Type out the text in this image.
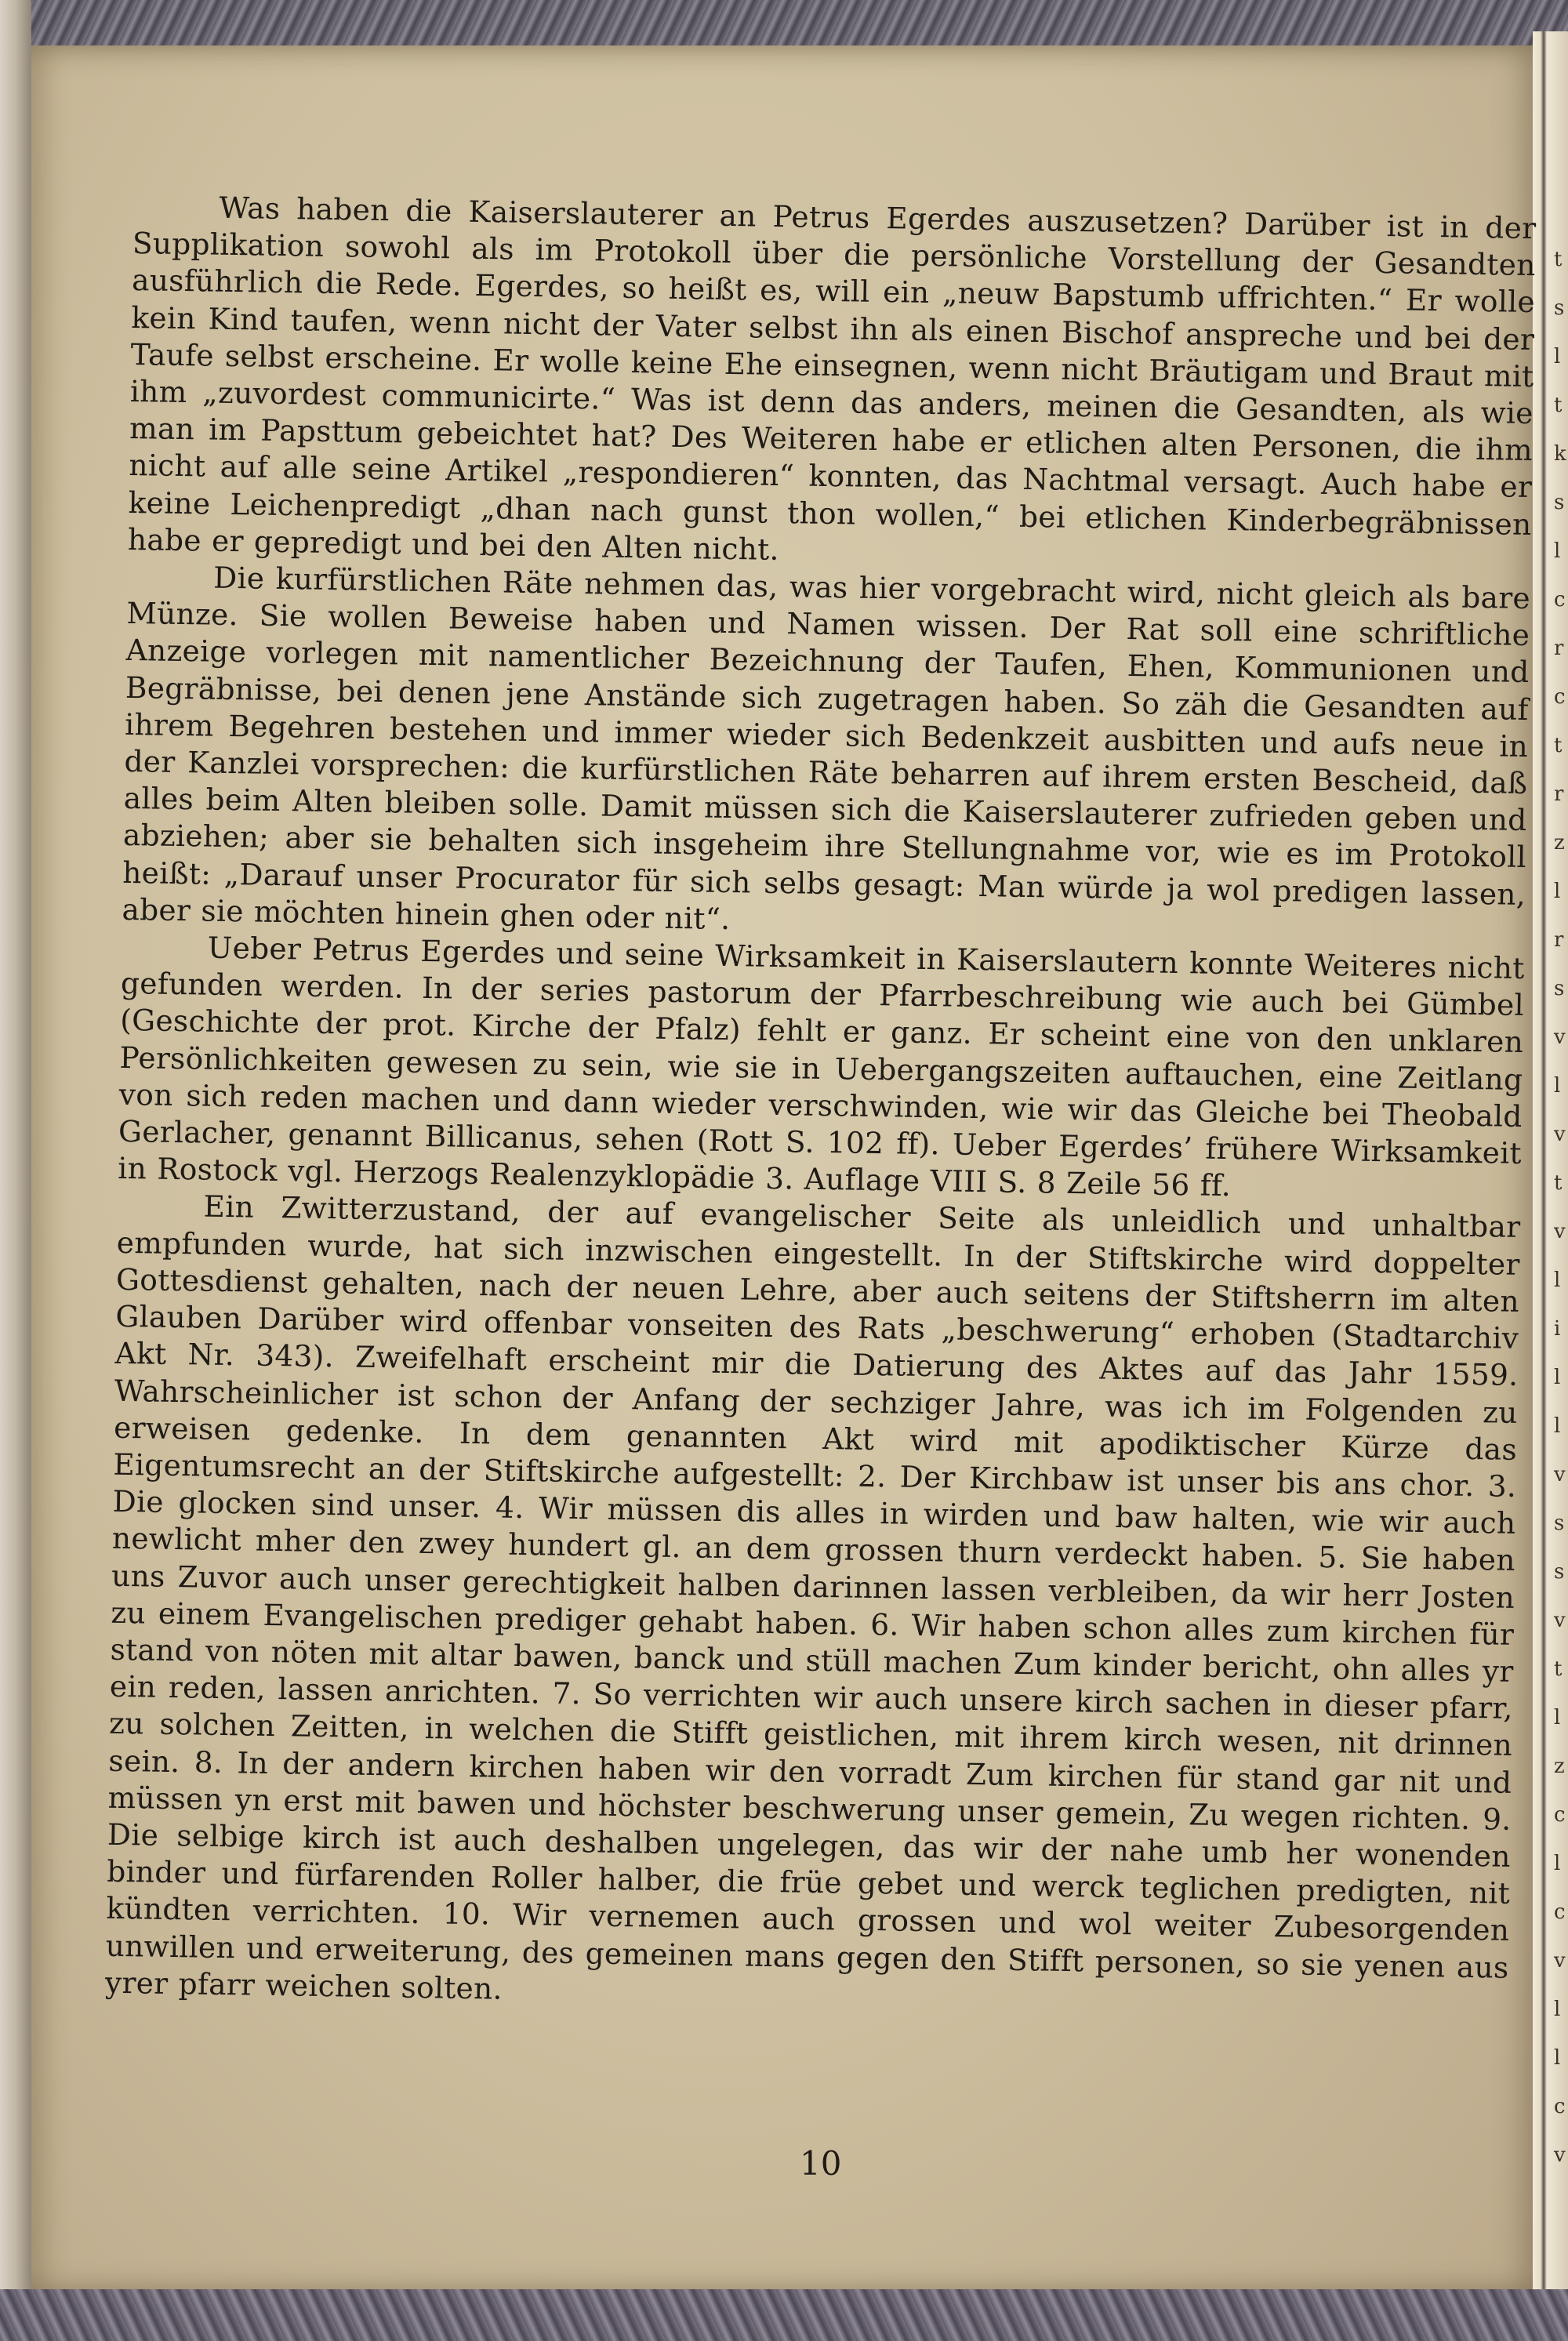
t
s
l
t
k
s
l
c
r
c
t
r
z
l
r
s
v
l
v
t
v
l
i
l
l
v
s
s
v
t
l
z
c
l
c
v
l
l
c
v

Was haben die Kaiserslauterer an Petrus Egerdes auszusetzen? Darüber ist in der Supplikation sowohl als im Protokoll über die persönliche Vorstellung der Gesandten ausführlich die Rede. Egerdes, so heißt es, will ein „neuw Bapstumb uffrichten.“ Er wolle kein Kind taufen, wenn nicht der Vater selbst ihn als einen Bischof anspreche und bei der Taufe selbst erscheine. Er wolle keine Ehe einsegnen, wenn nicht Bräutigam und Braut mit ihm „zuvordest communicirte.“ Was ist denn das anders, meinen die Gesandten, als wie man im Papsttum gebeichtet hat? Des Weiteren habe er etlichen alten Personen, die ihm nicht auf alle seine Artikel „respondieren“ konnten, das Nachtmal versagt. Auch habe er keine Leichenpredigt „dhan nach gunst thon wollen,“ bei etlichen Kinderbegräbnissen habe er gepredigt und bei den Alten nicht.

Die kurfürstlichen Räte nehmen das, was hier vorgebracht wird, nicht gleich als bare Münze. Sie wollen Beweise haben und Namen wissen. Der Rat soll eine schriftliche Anzeige vorlegen mit namentlicher Bezeichnung der Taufen, Ehen, Kommunionen und Begräbnisse, bei denen jene Anstände sich zugetragen haben. So zäh die Gesandten auf ihrem Begehren bestehen und immer wieder sich Bedenkzeit ausbitten und aufs neue in der Kanzlei vorsprechen: die kurfürstlichen Räte beharren auf ihrem ersten Bescheid, daß alles beim Alten bleiben solle. Damit müssen sich die Kaiserslauterer zufrieden geben und abziehen; aber sie behalten sich insgeheim ihre Stellungnahme vor, wie es im Protokoll heißt: „Darauf unser Procurator für sich selbs gesagt: Man würde ja wol predigen lassen, aber sie möchten hinein ghen oder nit“.

Ueber Petrus Egerdes und seine Wirksamkeit in Kaiserslautern konnte Weiteres nicht gefunden werden. In der series pastorum der Pfarrbeschreibung wie auch bei Gümbel (Geschichte der prot. Kirche der Pfalz) fehlt er ganz. Er scheint eine von den unklaren Persönlichkeiten gewesen zu sein, wie sie in Uebergangszeiten auftauchen, eine Zeitlang von sich reden machen und dann wieder verschwinden, wie wir das Gleiche bei Theobald Gerlacher, genannt Billicanus, sehen (Rott S. 102 ff). Ueber Egerdes’ frühere Wirksamkeit in Rostock vgl. Herzogs Realenzyklopädie 3. Auflage VIII S. 8 Zeile 56 ff.

Ein Zwitterzustand, der auf evangelischer Seite als unleidlich und unhaltbar empfunden wurde, hat sich inzwischen eingestellt. In der Stiftskirche wird doppelter Gottesdienst gehalten, nach der neuen Lehre, aber auch seitens der Stiftsherrn im alten Glauben Darüber wird offenbar vonseiten des Rats „beschwerung“ erhoben (Stadtarchiv Akt Nr. 343). Zweifelhaft erscheint mir die Datierung des Aktes auf das Jahr 1559. Wahrscheinlicher ist schon der Anfang der sechziger Jahre, was ich im Folgenden zu erweisen gedenke. In dem genannten Akt wird mit apodiktischer Kürze das Eigentumsrecht an der Stiftskirche aufgestellt: 2. Der Kirchbaw ist unser bis ans chor. 3. Die glocken sind unser. 4. Wir müssen dis alles in wirden und baw halten, wie wir auch newlicht mher den zwey hundert gl. an dem grossen thurn verdeckt haben. 5. Sie haben uns Zuvor auch unser gerechtigkeit halben darinnen lassen verbleiben, da wir herr Josten zu einem Evangelischen prediger gehabt haben. 6. Wir haben schon alles zum kirchen für stand von nöten mit altar bawen, banck und stüll machen Zum kinder bericht, ohn alles yr ein reden, lassen anrichten. 7. So verrichten wir auch unsere kirch sachen in dieser pfarr, zu solchen Zeitten, in welchen die Stifft geistlichen, mit ihrem kirch wesen, nit drinnen sein. 8. In der andern kirchen haben wir den vorradt Zum kirchen für stand gar nit und müssen yn erst mit bawen und höchster beschwerung unser gemein, Zu wegen richten. 9. Die selbige kirch ist auch deshalben ungelegen, das wir der nahe umb her wonenden binder und fürfarenden Roller halber, die früe gebet und werck teglichen predigten, nit kündten verrichten. 10. Wir vernemen auch grossen und wol weiter Zubesorgenden unwillen und erweiterung, des gemeinen mans gegen den Stifft personen, so sie yenen aus yrer pfarr weichen solten.

10
